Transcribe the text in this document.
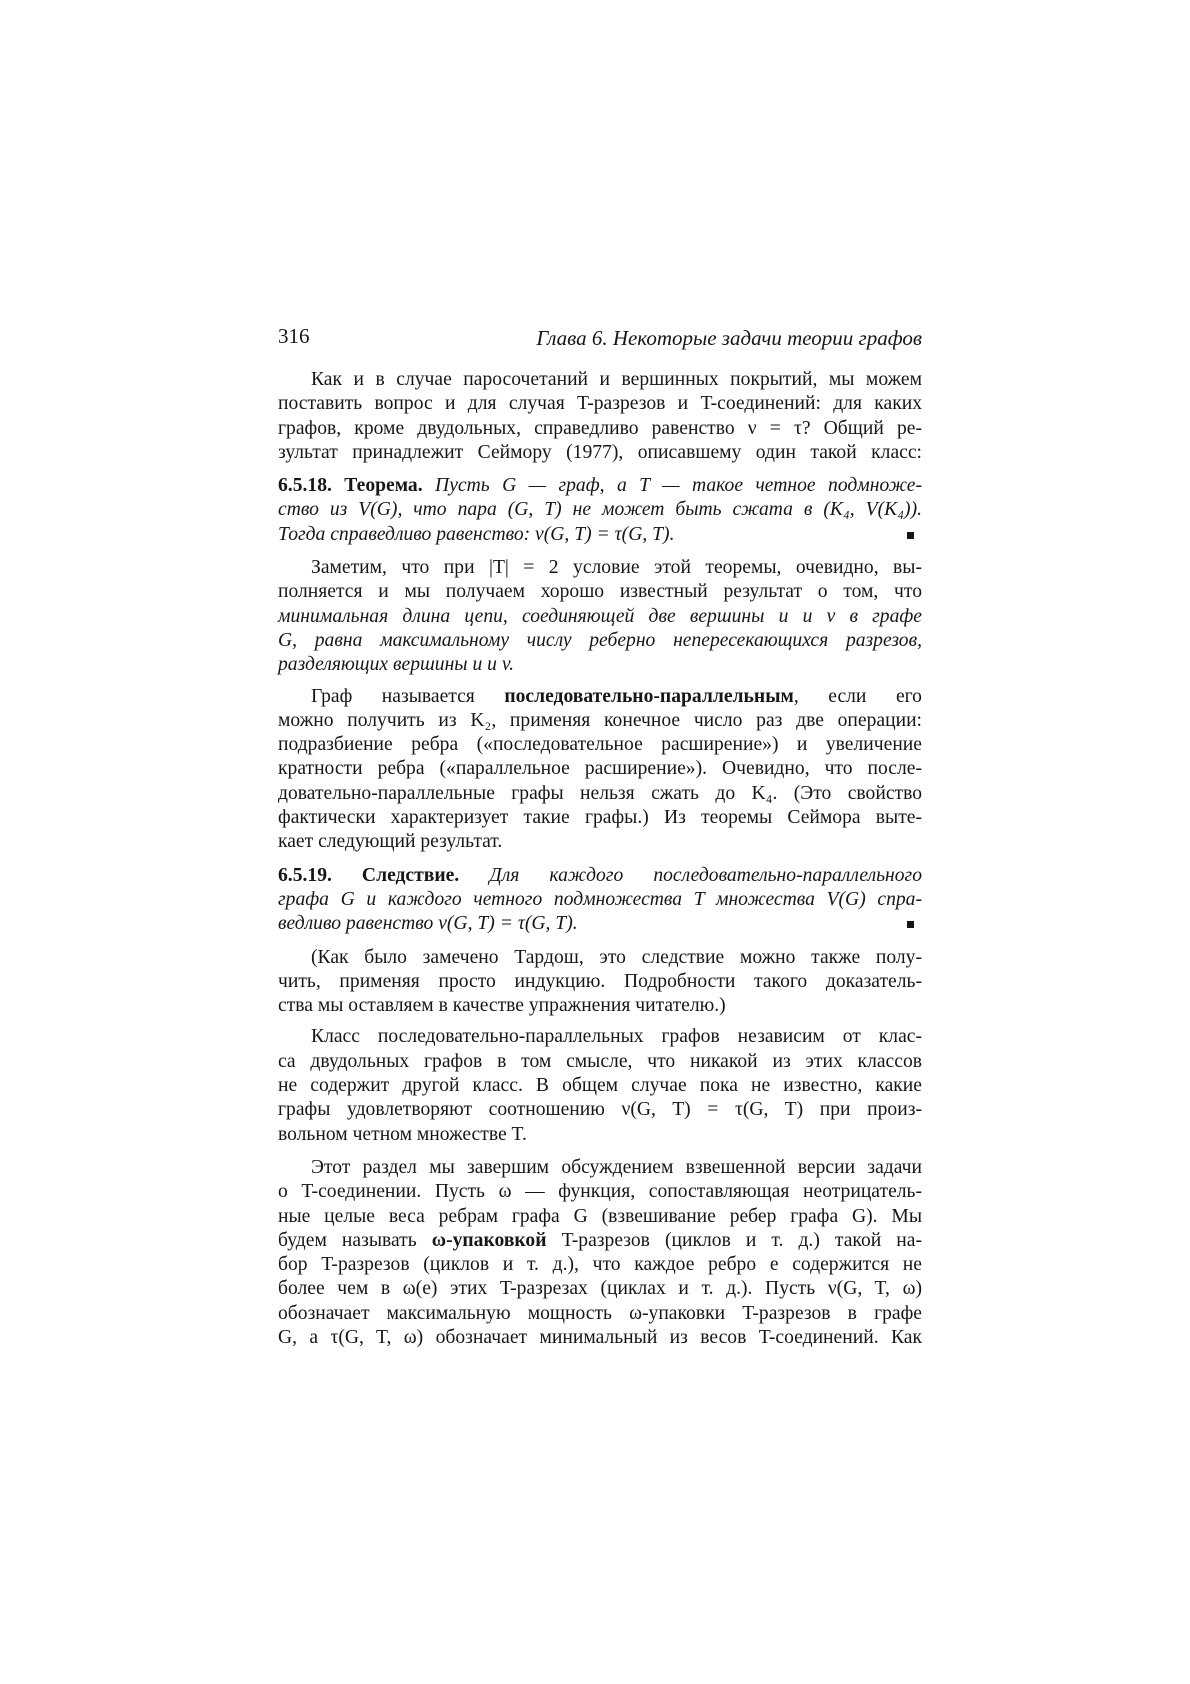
316	Глава 6. Некоторые задачи теории графов

Как и в случае паросочетаний и вершинных покрытий, мы можем
поставить вопрос и для случая T-разрезов и T-соединений: для каких
графов, кроме двудольных, справедливо равенство ν = τ? Общий ре-
зультат принадлежит Сеймору (1977), описавшему один такой класс:

6.5.18. Теорема. Пусть G — граф, а T — такое четное подмноже-
ство из V(G), что пара (G, T) не может быть сжата в (K₄, V(K₄)).
Тогда справедливо равенство: ν(G, T) = τ(G, T).

Заметим, что при |T| = 2 условие этой теоремы, очевидно, вы-
полняется и мы получаем хорошо известный результат о том, что
минимальная длина цепи, соединяющей две вершины u и v в графе
G, равна максимальному числу реберно непересекающихся разрезов,
разделяющих вершины u и v.

Граф называется последовательно-параллельным, если его
можно получить из K₂, применяя конечное число раз две операции:
подразбиение ребра («последовательное расширение») и увеличение
кратности ребра («параллельное расширение»). Очевидно, что после-
довательно-параллельные графы нельзя сжать до K₄. (Это свойство
фактически характеризует такие графы.) Из теоремы Сеймора выте-
кает следующий результат.

6.5.19. Следствие. Для каждого последовательно-параллельного
графа G и каждого четного подмножества T множества V(G) спра-
ведливо равенство ν(G, T) = τ(G, T).

(Как было замечено Тардош, это следствие можно также полу-
чить, применяя просто индукцию. Подробности такого доказатель-
ства мы оставляем в качестве упражнения читателю.)

Класс последовательно-параллельных графов независим от клас-
са двудольных графов в том смысле, что никакой из этих классов
не содержит другой класс. В общем случае пока не известно, какие
графы удовлетворяют соотношению ν(G, T) = τ(G, T) при произ-
вольном четном множестве T.

Этот раздел мы завершим обсуждением взвешенной версии задачи
о T-соединении. Пусть ω — функция, сопоставляющая неотрицатель-
ные целые веса ребрам графа G (взвешивание ребер графа G). Мы
будем называть ω-упаковкой T-разрезов (циклов и т. д.) такой на-
бор T-разрезов (циклов и т. д.), что каждое ребро e содержится не
более чем в ω(e) этих T-разрезах (циклах и т. д.). Пусть ν(G, T, ω)
обозначает максимальную мощность ω-упаковки T-разрезов в графе
G, а τ(G, T, ω) обозначает минимальный из весов T-соединений. Как
